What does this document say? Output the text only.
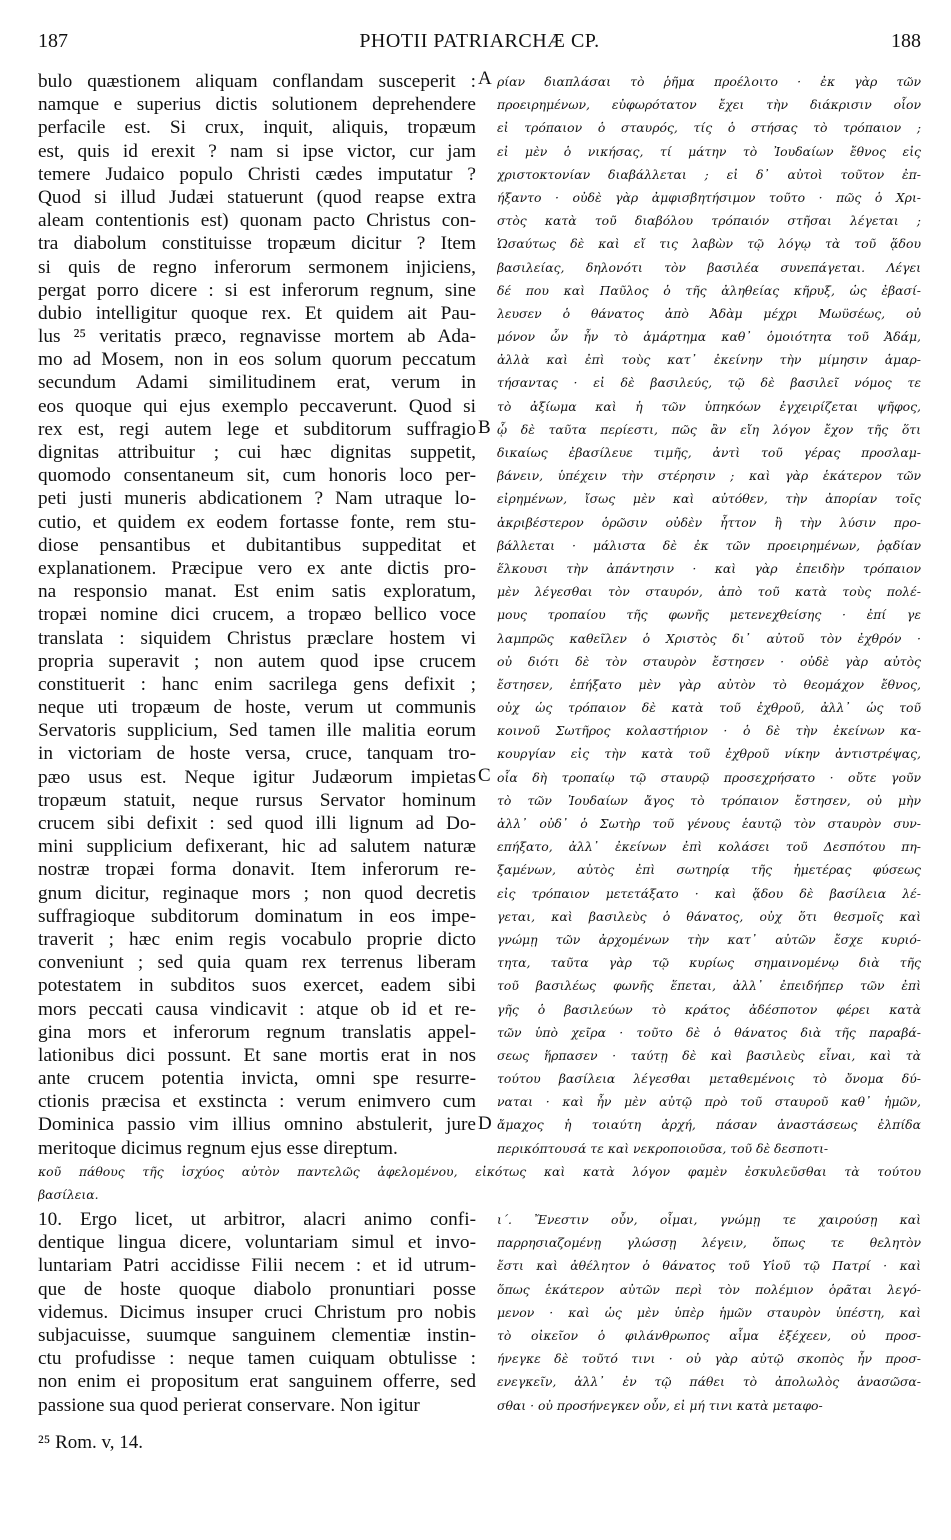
187	PHOTII PATRIARCHÆ CP.	188
bulo quæstionem aliquam conflandam susceperit :
namque e superius dictis solutionem deprehendere
perfacile est. Si crux, inquit, aliquis, tropæum
est, quis id erexit ? nam si ipse victor, cur jam
temere Judaico populo Christi cædes imputatur ?
Quod si illud Judæi statuerunt (quod reapse extra
aleam contentionis est) quonam pacto Christus con-
tra diabolum constituisse tropæum dicitur ? Item
si quis de regno inferorum sermonem injiciens,
pergat porro dicere : si est inferorum regnum, sine
dubio intelligitur quoque rex. Et quidem ait Pau-
lus ²⁵ veritatis præco, regnavisse mortem ab Ada-
mo ad Mosem, non in eos solum quorum peccatum
secundum Adami similitudinem erat, verum in
eos quoque qui ejus exemplo peccaverunt. Quod si
rex est, regi autem lege et subditorum suffragio
dignitas attribuitur ; cui hæc dignitas suppetit,
quomodo consentaneum sit, cum honoris loco per-
peti justi muneris abdicationem ? Nam utraque lo-
cutio, et quidem ex eodem fortasse fonte, rem stu-
diose pensantibus et dubitantibus suppeditat et
explanationem. Præcipue vero ex ante dictis pro-
na responsio manat. Est enim satis exploratum,
tropæi nomine dici crucem, a tropæo bellico voce
translata : siquidem Christus præclare hostem vi
propria superavit ; non autem quod ipse crucem
constituerit : hanc enim sacrilega gens defixit ;
neque uti tropæum de hoste, verum ut communis
Servatoris supplicium, Sed tamen ille malitia eorum
in victoriam de hoste versa, cruce, tanquam tro-
pæo usus est. Neque igitur Judæorum impietas
tropæum statuit, neque rursus Servator hominum
crucem sibi defixit : sed quod illi lignum ad Do-
mini supplicium defixerant, hic ad salutem naturæ
nostræ tropæi forma donavit. Item inferorum re-
gnum dicitur, reginaque mors ; non quod decretis
suffragioque subditorum dominatum in eos impe-
traverit ; hæc enim regis vocabulo proprie dicto
conveniunt ; sed quia quam rex terrenus liberam
potestatem in subditos suos exercet, eadem sibi
mors peccati causa vindicavit : atque ob id et re-
gina mors et inferorum regnum translatis appel-
lationibus dici possunt. Et sane mortis erat in nos
ante crucem potentia invicta, omni spe resurre-
ctionis præcisa et exstincta : verum enimvero cum
Dominica passio vim illius omnino abstulerit, jure
meritoque dicimus regnum ejus esse direptum.
ρίαν διαπλάσαι τὸ ῥῆμα προέλοιτο · ἐκ γὰρ τῶν
προειρημένων, εὐφωρότατον ἔχει τὴν διάκρισιν οἷον
εἰ τρόπαιον ὁ σταυρός, τίς ὁ στήσας τὸ τρόπαιον ;
εἰ μὲν ὁ νικήσας, τί μάτην τὸ Ἰουδαίων ἔθνος εἰς
χριστοκτονίαν διαβάλλεται ; εἰ δ᾽ αὐτοὶ τοῦτον ἐπ-
ήξαντο · οὐδὲ γὰρ ἀμφισβητήσιμον τοῦτο · πῶς ὁ Χρι-
στὸς κατὰ τοῦ διαβόλου τρόπαιόν στῆσαι λέγεται ;
Ὡσαύτως δὲ καὶ εἴ τις λαβὼν τῷ λόγῳ τὰ τοῦ ᾅδου
βασιλείας, δηλονότι τὸν βασιλέα συνεπάγεται. Λέγει
δέ που καὶ Παῦλος ὁ τῆς ἀληθείας κῆρυξ, ὡς ἐβασί-
λευσεν ὁ θάνατος ἀπὸ Ἀδὰμ μέχρι Μωϋσέως, οὐ
μόνον ὧν ἦν τὸ ἁμάρτημα καθ᾽ ὁμοιότητα τοῦ Ἀδάμ,
ἀλλὰ καὶ ἐπὶ τοὺς κατ᾽ ἐκείνην τὴν μίμησιν ἁμαρ-
τήσαντας · εἰ δὲ βασιλεύς, τῷ δὲ βασιλεῖ νόμος τε
τὸ ἀξίωμα καὶ ἡ τῶν ὑπηκόων ἐγχειρίζεται ψῆφος,
ᾧ δὲ ταῦτα περίεστι, πῶς ἂν εἴη λόγον ἔχον τῆς ὅτι
δικαίως ἐβασίλευε τιμῆς, ἀντὶ τοῦ γέρας προσλαμ-
βάνειν, ὑπέχειν τὴν στέρησιν ; καὶ γὰρ ἑκάτερον τῶν
εἰρημένων, ἴσως μὲν καὶ αὐτόθεν, τὴν ἀπορίαν τοῖς
ἀκριβέστερον ὁρῶσιν οὐδὲν ἧττον ἢ τὴν λύσιν προ-
βάλλεται · μάλιστα δὲ ἐκ τῶν προειρημένων, ῥᾳδίαν
ἕλκουσι τὴν ἀπάντησιν · καὶ γὰρ ἐπειδὴν τρόπαιον
μὲν λέγεσθαι τὸν σταυρόν, ἀπὸ τοῦ κατὰ τοὺς πολέ-
μους τροπαίου τῆς φωνῆς μετενεχθείσης · ἐπί γε
λαμπρῶς καθεῖλεν ὁ Χριστὸς δι᾽ αὐτοῦ τὸν ἐχθρόν ·
οὐ διότι δὲ τὸν σταυρὸν ἔστησεν · οὐδὲ γὰρ αὐτὸς
ἔστησεν, ἐπήξατο μὲν γὰρ αὐτὸν τὸ θεομάχον ἔθνος,
οὐχ ὡς τρόπαιον δὲ κατὰ τοῦ ἐχθροῦ, ἀλλ᾽ ὡς τοῦ
κοινοῦ Σωτῆρος κολαστήριον · ὁ δὲ τὴν ἐκείνων κα-
κουργίαν εἰς τὴν κατὰ τοῦ ἐχθροῦ νίκην ἀντιστρέψας,
οἷα δὴ τροπαίῳ τῷ σταυρῷ προσεχρήσατο · οὔτε γοῦν
τὸ τῶν Ἰουδαίων ἄγος τὸ τρόπαιον ἔστησεν, οὐ μὴν
ἀλλ᾽ οὐδ᾽ ὁ Σωτὴρ τοῦ γένους ἑαυτῷ τὸν σταυρὸν συν-
επήξατο, ἀλλ᾽ ἐκείνων ἐπὶ κολάσει τοῦ Δεσπότου πη-
ξαμένων, αὐτὸς ἐπὶ σωτηρίᾳ τῆς ἡμετέρας φύσεως
εἰς τρόπαιον μετετάξατο · καὶ ᾅδου δὲ βασίλεια λέ-
γεται, καὶ βασιλεὺς ὁ θάνατος, οὐχ ὅτι θεσμοῖς καὶ
γνώμῃ τῶν ἀρχομένων τὴν κατ᾽ αὐτῶν ἔσχε κυριό-
τητα, ταῦτα γὰρ τῷ κυρίως σημαινομένῳ διὰ τῆς
τοῦ βασιλέως φωνῆς ἕπεται, ἀλλ᾽ ἐπειδήπερ τῶν ἐπὶ
γῆς ὁ βασιλεύων τὸ κράτος ἀδέσποτον φέρει κατὰ
τῶν ὑπὸ χεῖρα · τοῦτο δὲ ὁ θάνατος διὰ τῆς παραβά-
σεως ἥρπασεν · ταύτῃ δὲ καὶ βασιλεὺς εἶναι, καὶ τὰ
τούτου βασίλεια λέγεσθαι μεταθεμένοις τὸ ὄνομα δύ-
ναται · καὶ ἦν μὲν αὐτῷ πρὸ τοῦ σταυροῦ καθ᾽ ἡμῶν,
ἄμαχος ἡ τοιαύτη ἀρχή, πάσαν ἀναστάσεως ἐλπίδα
περικόπτουσά τε καὶ νεκροποιοῦσα, τοῦ δὲ δεσποτι-
A
B
C
D
κοῦ πάθους τῆς ἰσχύος αὐτὸν παντελῶς ἀφελομένου, εἰκότως καὶ κατὰ λόγον φαμὲν ἐσκυλεῦσθαι τὰ τούτου
βασίλεια.
10. Ergo licet, ut arbitror, alacri animo confi-
dentique lingua dicere, voluntariam simul et invo-
luntariam Patri accidisse Filii necem : et id utrum-
que de hoste quoque diabolo pronuntiari posse
videmus. Dicimus insuper cruci Christum pro nobis
subjacuisse, suumque sanguinem clementiæ instin-
ctu profudisse : neque tamen cuiquam obtulisse :
non enim ei propositum erat sanguinem offerre, sed
passione sua quod perierat conservare. Non igitur
ι´. Ἔνεστιν οὖν, οἶμαι, γνώμῃ τε χαιρούσῃ καὶ
παρρησιαζομένῃ γλώσσῃ λέγειν, ὅπως τε θελητὸν
ἔστι καὶ ἀθέλητον ὁ θάνατος τοῦ Υἱοῦ τῷ Πατρί · καὶ
ὅπως ἑκάτερον αὐτῶν περὶ τὸν πολέμιον ὁρᾶται λεγό-
μενον · καὶ ὡς μὲν ὑπὲρ ἡμῶν σταυρὸν ὑπέστη, καὶ
τὸ οἰκεῖον ὁ φιλάνθρωπος αἷμα ἐξέχεεν, οὐ προσ-
ήνεγκε δὲ τοῦτό τινι · οὐ γὰρ αὐτῷ σκοπὸς ἦν προσ-
ενεγκεῖν, ἀλλ᾽ ἐν τῷ πάθει τὸ ἀπολωλὸς ἀνασῶσα-
σθαι · οὐ προσήνεγκεν οὖν, εἰ μή τινι κατὰ μεταφο-
²⁵ Rom. v, 14.
